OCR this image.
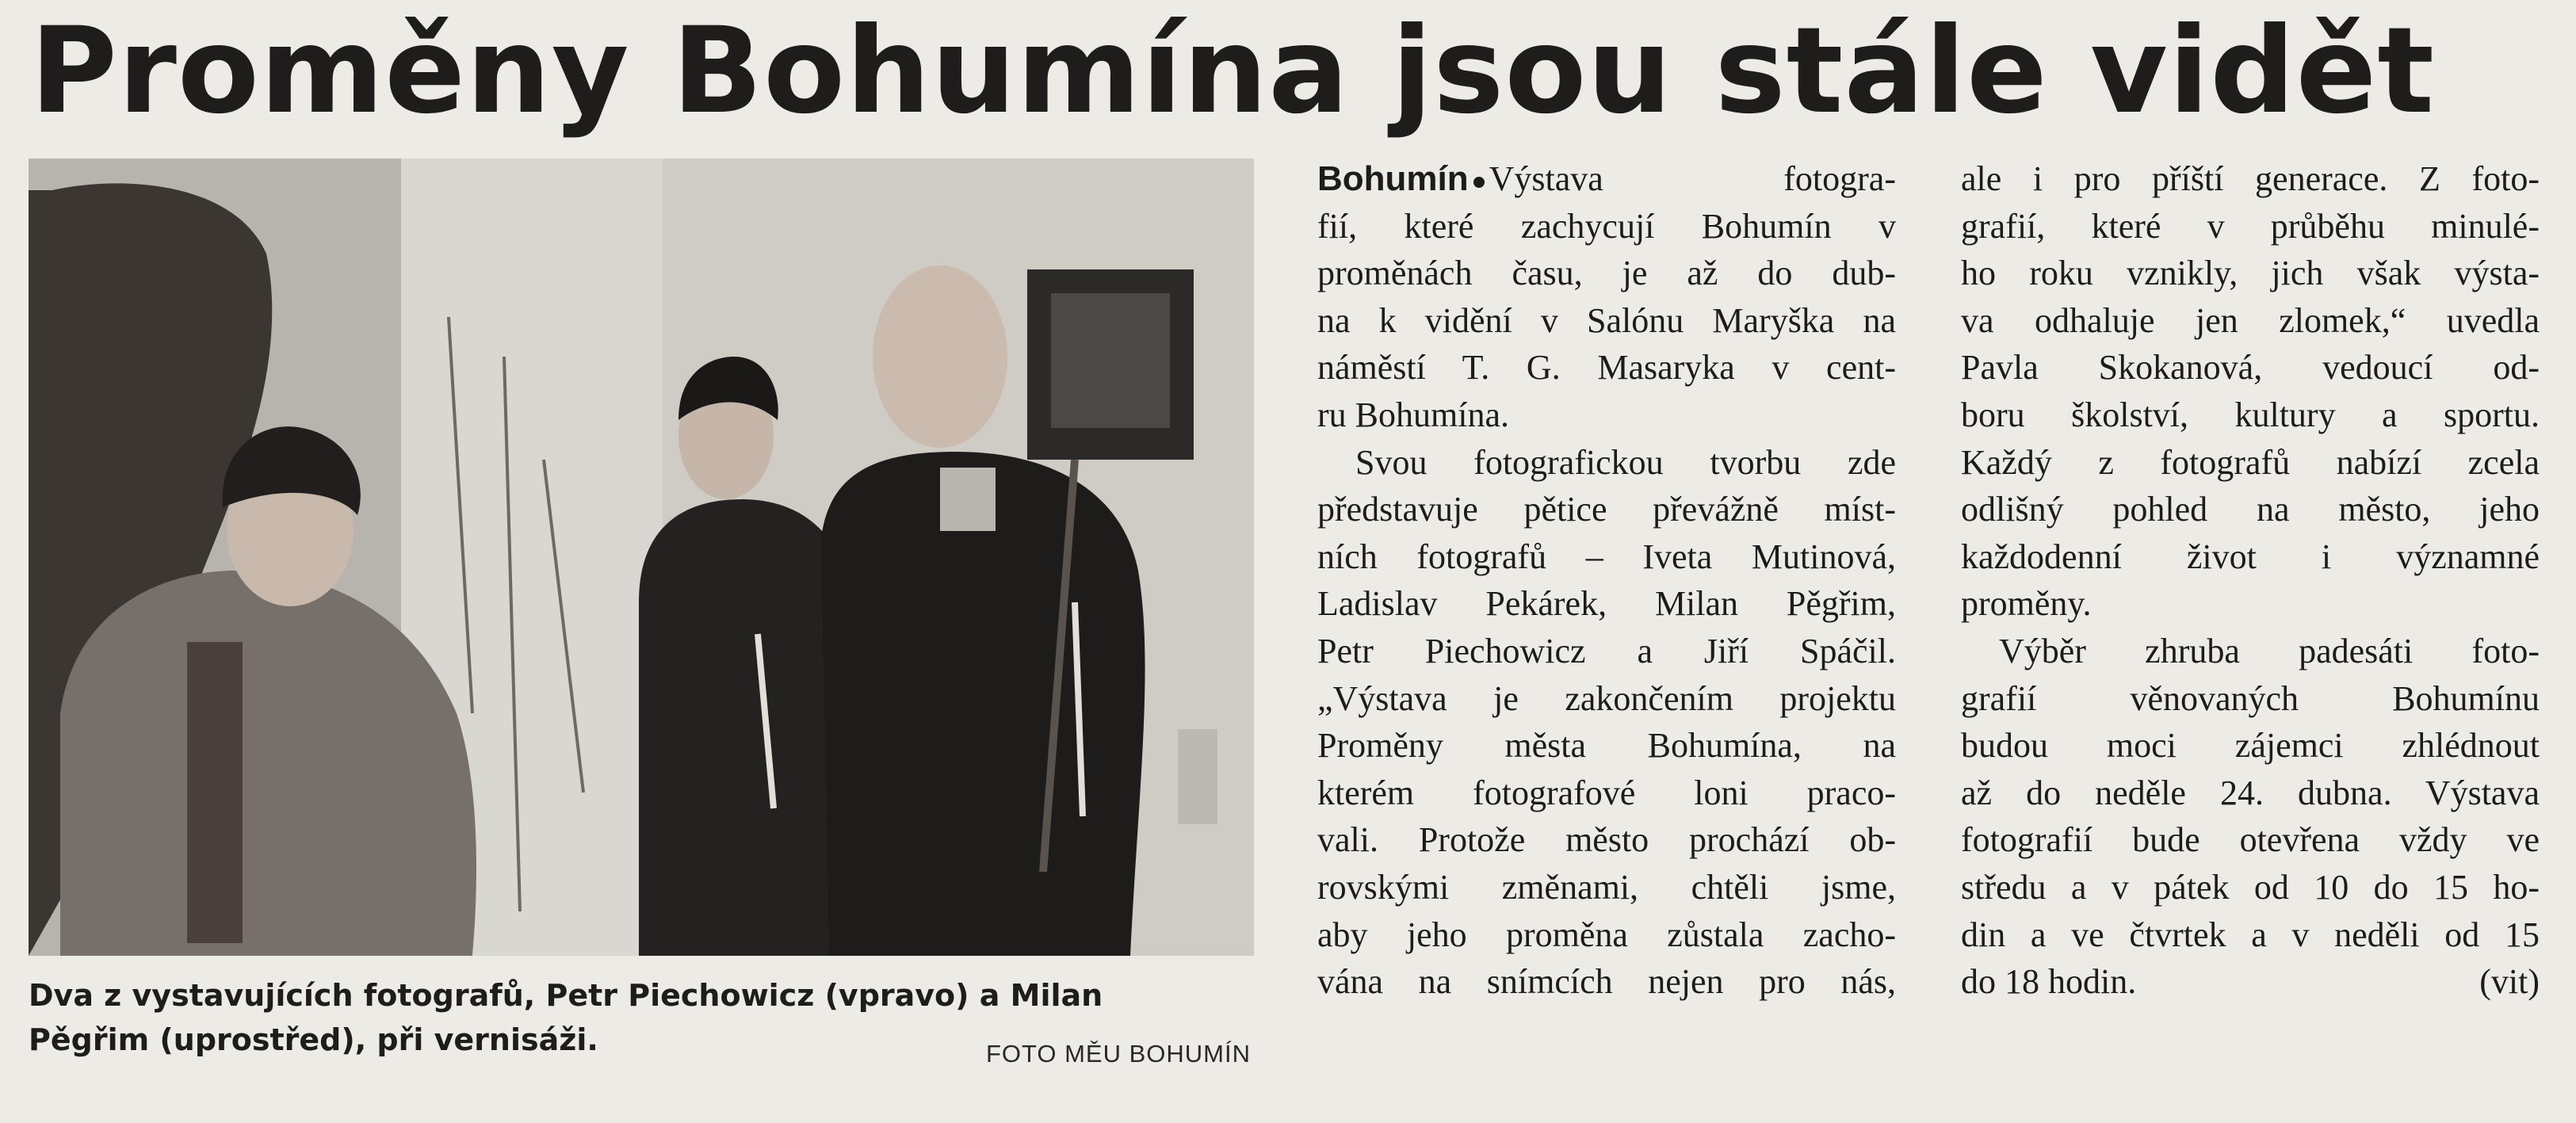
Proměny Bohumína jsou stále vidět
Dva z vystavujících fotografů, Petr Piechowicz (vpravo) a Milan
Pěgřim (uprostřed), při vernisáži.	FOTO MĚU BOHUMÍN
Bohumín Výstava fotogra-
fií, které zachycují Bohumín v
proměnách času, je až do dub-
na k vidění v Salónu Maryška na
náměstí T. G. Masaryka v cent-
ru Bohumína.
Svou fotografickou tvorbu zde
představuje pětice převážně míst-
ních fotografů – Iveta Mutinová,
Ladislav Pekárek, Milan Pěgřim,
Petr Piechowicz a Jiří Spáčil.
„Výstava je zakončením projektu
Proměny města Bohumína, na
kterém fotografové loni praco-
vali. Protože město prochází ob-
rovskými změnami, chtěli jsme,
aby jeho proměna zůstala zacho-
vána na snímcích nejen pro nás,
ale i pro příští generace. Z foto-
grafií, které v průběhu minulé-
ho roku vznikly, jich však výsta-
va odhaluje jen zlomek,“ uvedla
Pavla Skokanová, vedoucí od-
boru školství, kultury a sportu.
Každý z fotografů nabízí zcela
odlišný pohled na město, jeho
každodenní život i významné
proměny.
Výběr zhruba padesáti foto-
grafií věnovaných Bohumínu
budou moci zájemci zhlédnout
až do neděle 24. dubna. Výstava
fotografií bude otevřena vždy ve
středu a v pátek od 10 do 15 ho-
din a ve čtvrtek a v neděli od 15
do 18 hodin.	(vit)
